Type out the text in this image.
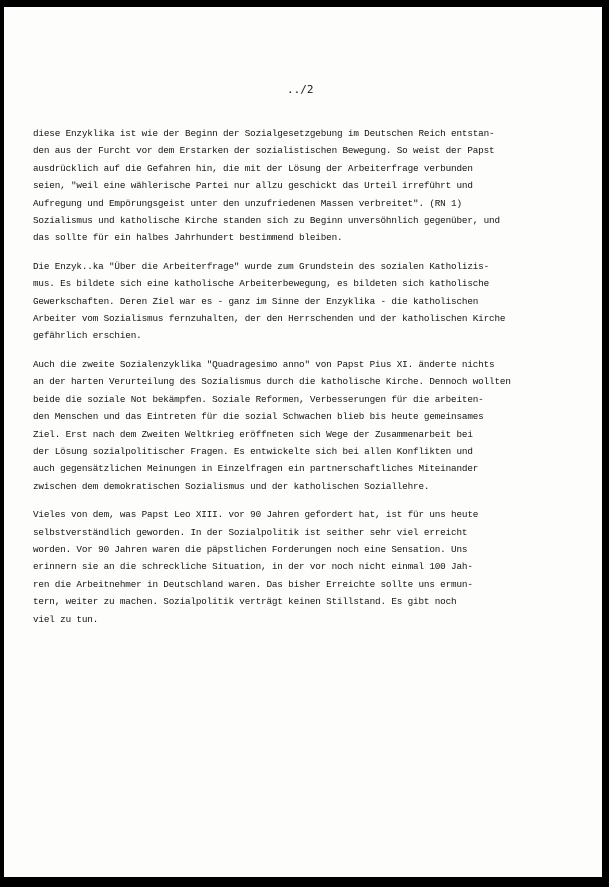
../2

diese Enzyklika ist wie der Beginn der Sozialgesetzgebung im Deutschen Reich entstan-
den aus der Furcht vor dem Erstarken der sozialistischen Bewegung. So weist der Papst
ausdrücklich auf die Gefahren hin, die mit der Lösung der Arbeiterfrage verbunden
seien, "weil eine wählerische Partei nur allzu geschickt das Urteil irreführt und
Aufregung und Empörungsgeist unter den unzufriedenen Massen verbreitet". (RN 1)
Sozialismus und katholische Kirche standen sich zu Beginn unversöhnlich gegenüber, und
das sollte für ein halbes Jahrhundert bestimmend bleiben.
Die Enzyk..ka "Über die Arbeiterfrage" wurde zum Grundstein des sozialen Katholizis-
mus. Es bildete sich eine katholische Arbeiterbewegung, es bildeten sich katholische
Gewerkschaften. Deren Ziel war es - ganz im Sinne der Enzyklika - die katholischen
Arbeiter vom Sozialismus fernzuhalten, der den Herrschenden und der katholischen Kirche
gefährlich erschien.
Auch die zweite Sozialenzyklika "Quadragesimo anno" von Papst Pius XI. änderte nichts
an der harten Verurteilung des Sozialismus durch die katholische Kirche. Dennoch wollten
beide die soziale Not bekämpfen. Soziale Reformen, Verbesserungen für die arbeiten-
den Menschen und das Eintreten für die sozial Schwachen blieb bis heute gemeinsames
Ziel. Erst nach dem Zweiten Weltkrieg eröffneten sich Wege der Zusammenarbeit bei
der Lösung sozialpolitischer Fragen. Es entwickelte sich bei allen Konflikten und
auch gegensätzlichen Meinungen in Einzelfragen ein partnerschaftliches Miteinander
zwischen dem demokratischen Sozialismus und der katholischen Soziallehre.
Vieles von dem, was Papst Leo XIII. vor 90 Jahren gefordert hat, ist für uns heute
selbstverständlich geworden. In der Sozialpolitik ist seither sehr viel erreicht
worden. Vor 90 Jahren waren die päpstlichen Forderungen noch eine Sensation. Uns
erinnern sie an die schreckliche Situation, in der vor noch nicht einmal 100 Jah-
ren die Arbeitnehmer in Deutschland waren. Das bisher Erreichte sollte uns ermun-
tern, weiter zu machen. Sozialpolitik verträgt keinen Stillstand. Es gibt noch
viel zu tun.
